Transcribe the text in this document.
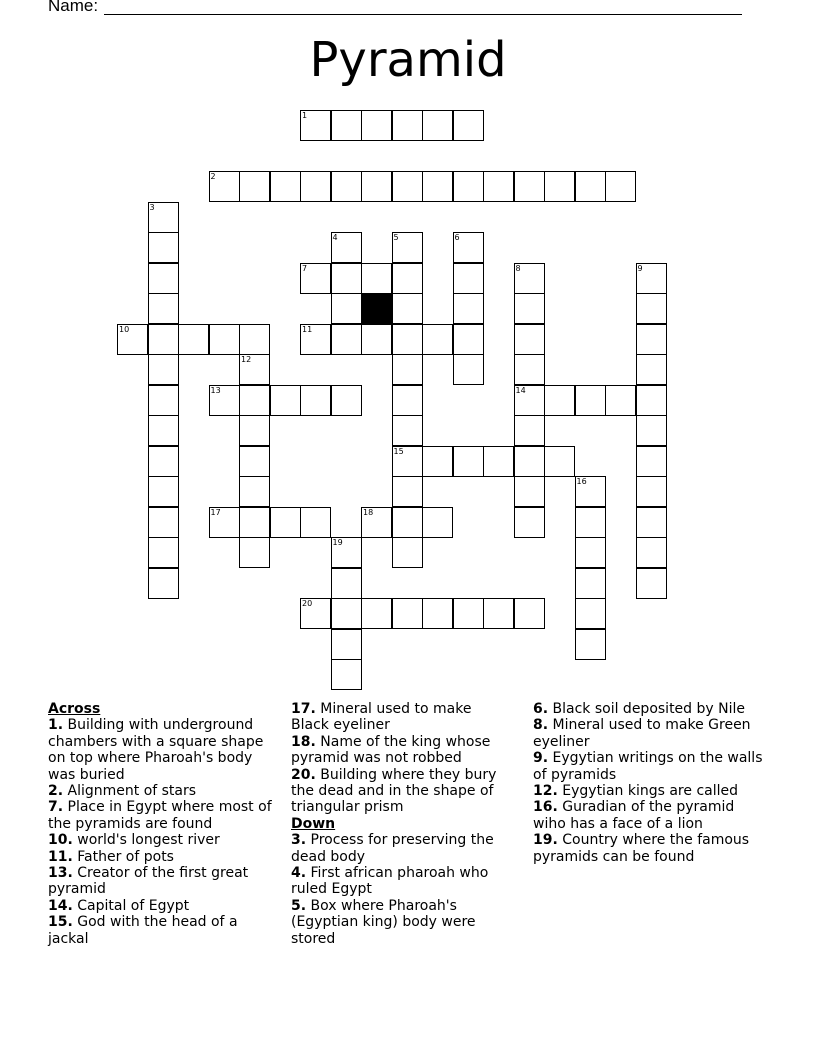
Name:
Pyramid
1
2
3
4	5	6
7	8	9
10	11
12
13	14
15
16
17	18
19
20

Across

1. Building with underground chambers with a square shape on top where Pharoah's body was buried

2. Alignment of stars

7. Place in Egypt where most of the pyramids are found

10. world's longest river

11. Father of pots

13. Creator of the first great pyramid

14. Capital of Egypt

15. God with the head of a jackal

17. Mineral used to make Black eyeliner

18. Name of the king whose pyramid was not robbed

20. Building where they bury the dead and in the shape of triangular prism

Down

3. Process for preserving the dead body

4. First african pharoah who ruled Egypt

5. Box where Pharoah's (Egyptian king) body were stored

6. Black soil deposited by Nile

8. Mineral used to make Green eyeliner

9. Eygytian writings on the walls of pyramids

12. Eygytian kings are called

16. Guradian of the pyramid wiho has a face of a lion

19. Country where the famous pyramids can be found
